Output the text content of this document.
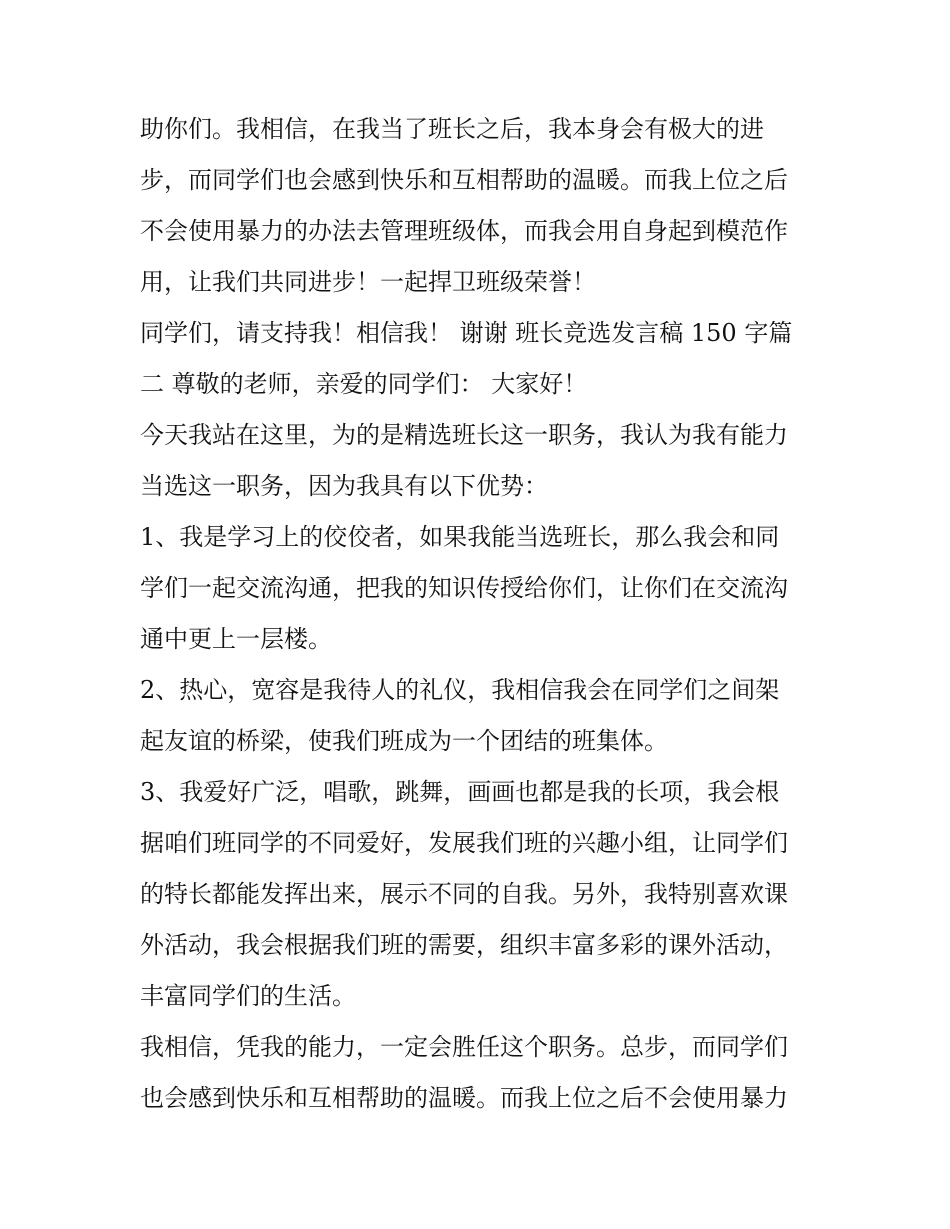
助你们。我相信，在我当了班长之后，我本身会有极大的进
步，而同学们也会感到快乐和互相帮助的温暖。而我上位之后
不会使用暴力的办法去管理班级体，而我会用自身起到模范作
用，让我们共同进步！一起捍卫班级荣誉！
同学们，请支持我！相信我！ 谢谢 班长竞选发言稿 150 字篇
二 尊敬的老师，亲爱的同学们： 大家好！
今天我站在这里，为的是精选班长这一职务，我认为我有能力
当选这一职务，因为我具有以下优势：
1、我是学习上的佼佼者，如果我能当选班长，那么我会和同
学们一起交流沟通，把我的知识传授给你们，让你们在交流沟
通中更上一层楼。
2、热心，宽容是我待人的礼仪，我相信我会在同学们之间架
起友谊的桥梁，使我们班成为一个团结的班集体。
3、我爱好广泛，唱歌，跳舞，画画也都是我的长项，我会根
据咱们班同学的不同爱好，发展我们班的兴趣小组，让同学们
的特长都能发挥出来，展示不同的自我。另外，我特别喜欢课
外活动，我会根据我们班的需要，组织丰富多彩的课外活动，
丰富同学们的生活。
我相信，凭我的能力，一定会胜任这个职务。总步，而同学们
也会感到快乐和互相帮助的温暖。而我上位之后不会使用暴力
